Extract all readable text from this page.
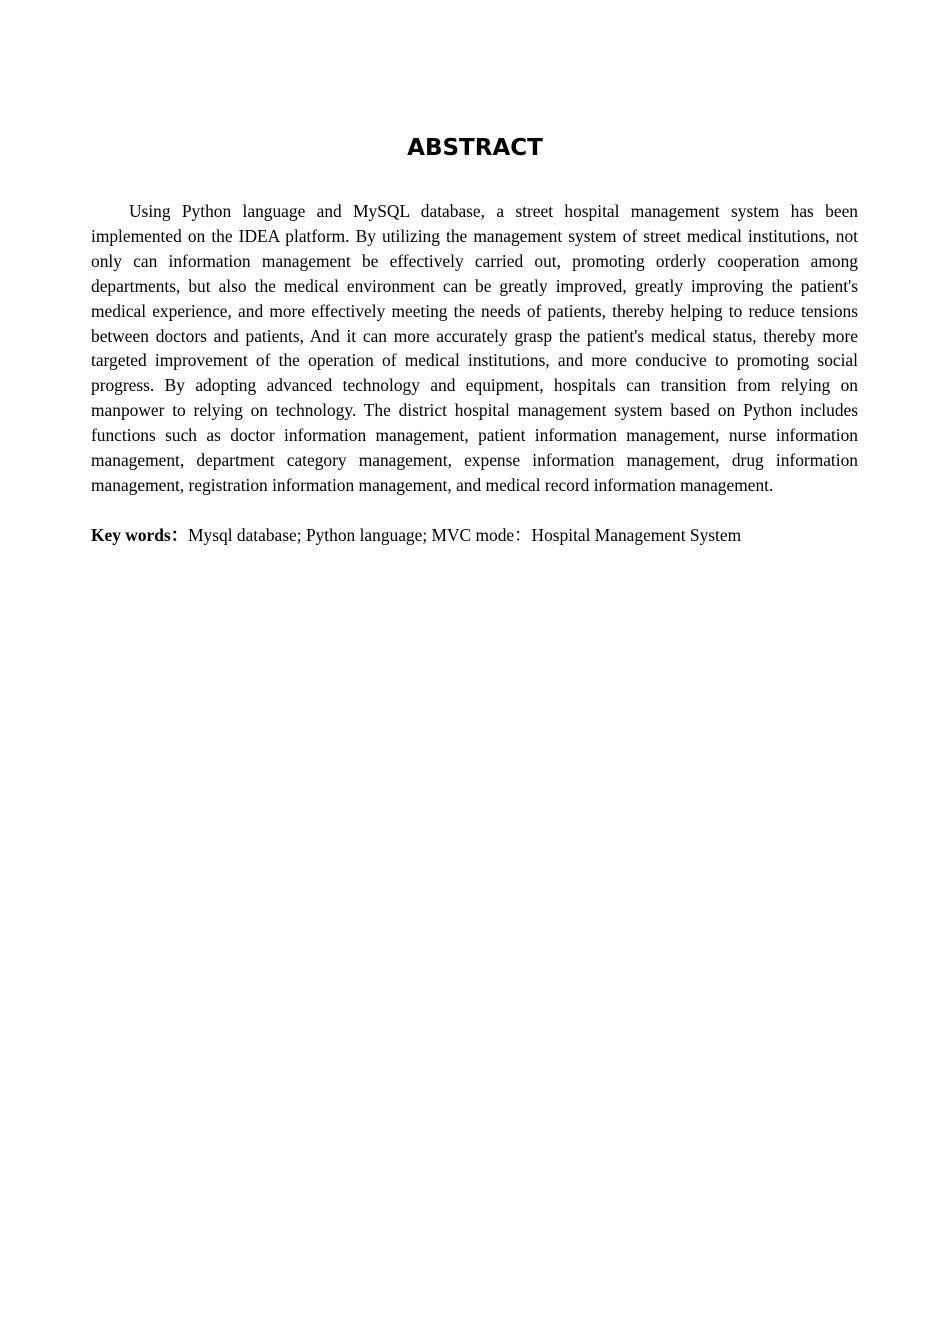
ABSTRACT

Using Python language and MySQL database, a street hospital management system has been implemented on the IDEA platform. By utilizing the management system of street medical institutions, not only can information management be effectively carried out, promoting orderly cooperation among departments, but also the medical environment can be greatly improved, greatly improving the patient's medical experience, and more effectively meeting the needs of patients, thereby helping to reduce tensions between doctors and patients, And it can more accurately grasp the patient's medical status, thereby more targeted improvement of the operation of medical institutions, and more conducive to promoting social progress. By adopting advanced technology and equipment, hospitals can transition from relying on manpower to relying on technology. The district hospital management system based on Python includes functions such as doctor information management, patient information management, nurse information management, department category management, expense information management, drug information management, registration information management, and medical record information management.

Key words：Mysql database; Python language; MVC mode：Hospital Management System
